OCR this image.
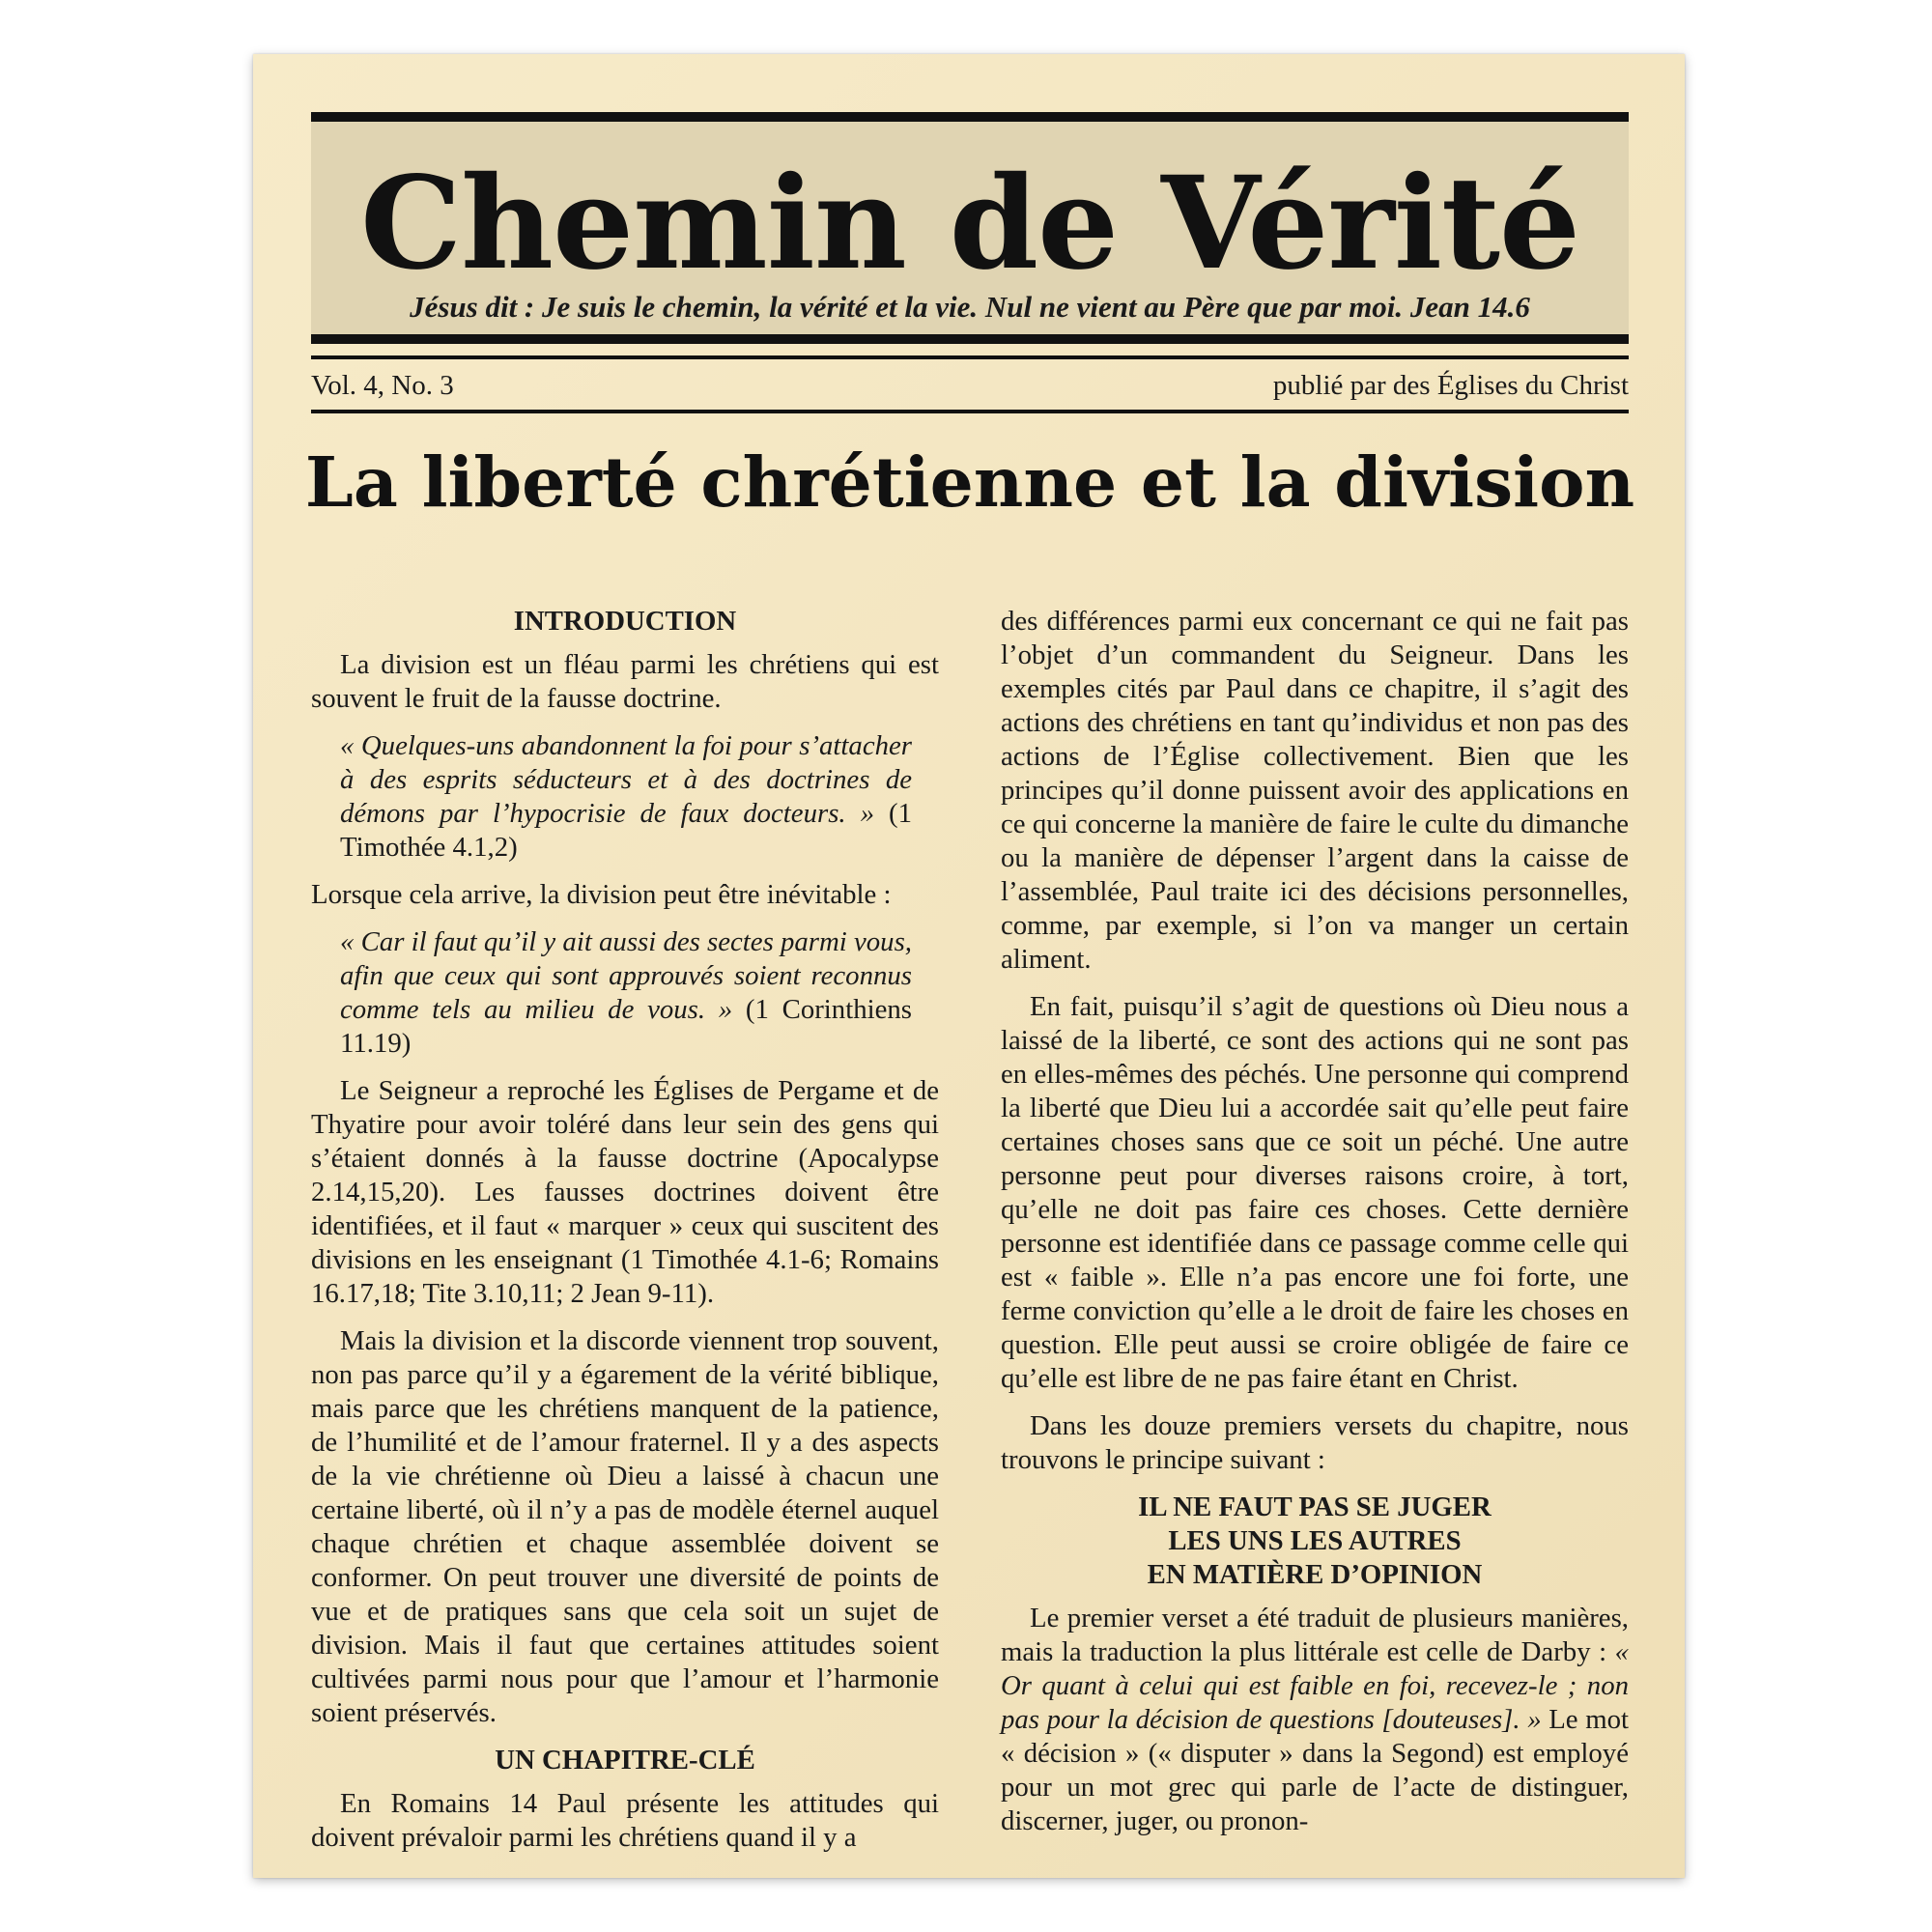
Chemin de Vérité
Jésus dit : Je suis le chemin, la vérité et la vie. Nul ne vient au Père que par moi. Jean 14.6
Vol. 4, No. 3	publié par des Églises du Christ
La liberté chrétienne et la division

INTRODUCTION

La division est un fléau parmi les chrétiens qui est souvent le fruit de la fausse doctrine.

« Quelques-uns abandonnent la foi pour s’attacher à des esprits séducteurs et à des doctrines de démons par l’hypocrisie de faux docteurs. » (1 Timothée 4.1,2)

Lorsque cela arrive, la division peut être inévitable :

« Car il faut qu’il y ait aussi des sectes parmi vous, afin que ceux qui sont approuvés soient reconnus comme tels au milieu de vous. » (1 Corinthiens 11.19)

Le Seigneur a reproché les Églises de Pergame et de Thyatire pour avoir toléré dans leur sein des gens qui s’étaient donnés à la fausse doctrine (Apocalypse 2.14,15,20). Les fausses doctrines doivent être identifiées, et il faut « marquer » ceux qui suscitent des divisions en les enseignant (1 Timothée 4.1-6; Romains 16.17,18; Tite 3.10,11; 2 Jean 9-11).

Mais la division et la discorde viennent trop souvent, non pas parce qu’il y a égarement de la vérité biblique, mais parce que les chrétiens manquent de la patience, de l’humilité et de l’amour fraternel. Il y a des aspects de la vie chrétienne où Dieu a laissé à chacun une certaine liberté, où il n’y a pas de modèle éternel auquel chaque chrétien et chaque assemblée doivent se conformer. On peut trouver une diversité de points de vue et de pratiques sans que cela soit un sujet de division. Mais il faut que certaines attitudes soient cultivées parmi nous pour que l’amour et l’harmonie soient préservés.

UN CHAPITRE-CLÉ

En Romains 14 Paul présente les attitudes qui doivent prévaloir parmi les chrétiens quand il y a

des différences parmi eux concernant ce qui ne fait pas l’objet d’un commandent du Seigneur. Dans les exemples cités par Paul dans ce chapitre, il s’agit des actions des chrétiens en tant qu’individus et non pas des actions de l’Église collectivement. Bien que les principes qu’il donne puissent avoir des applications en ce qui concerne la manière de faire le culte du dimanche ou la manière de dépenser l’argent dans la caisse de l’assemblée, Paul traite ici des décisions personnelles, comme, par exemple, si l’on va manger un certain aliment.

En fait, puisqu’il s’agit de questions où Dieu nous a laissé de la liberté, ce sont des actions qui ne sont pas en elles-mêmes des péchés. Une personne qui comprend la liberté que Dieu lui a accordée sait qu’elle peut faire certaines choses sans que ce soit un péché. Une autre personne peut pour diverses raisons croire, à tort, qu’elle ne doit pas faire ces choses. Cette dernière personne est identifiée dans ce passage comme celle qui est « faible ». Elle n’a pas encore une foi forte, une ferme conviction qu’elle a le droit de faire les choses en question. Elle peut aussi se croire obligée de faire ce qu’elle est libre de ne pas faire étant en Christ.

Dans les douze premiers versets du chapitre, nous trouvons le principe suivant :

IL NE FAUT PAS SE JUGER
LES UNS LES AUTRES
EN MATIÈRE D’OPINION

Le premier verset a été traduit de plusieurs manières, mais la traduction la plus littérale est celle de Darby : « Or quant à celui qui est faible en foi, recevez-le ; non pas pour la décision de questions [douteuses]. » Le mot « décision » (« disputer » dans la Segond) est employé pour un mot grec qui parle de l’acte de distinguer, discerner, juger, ou pronon-
